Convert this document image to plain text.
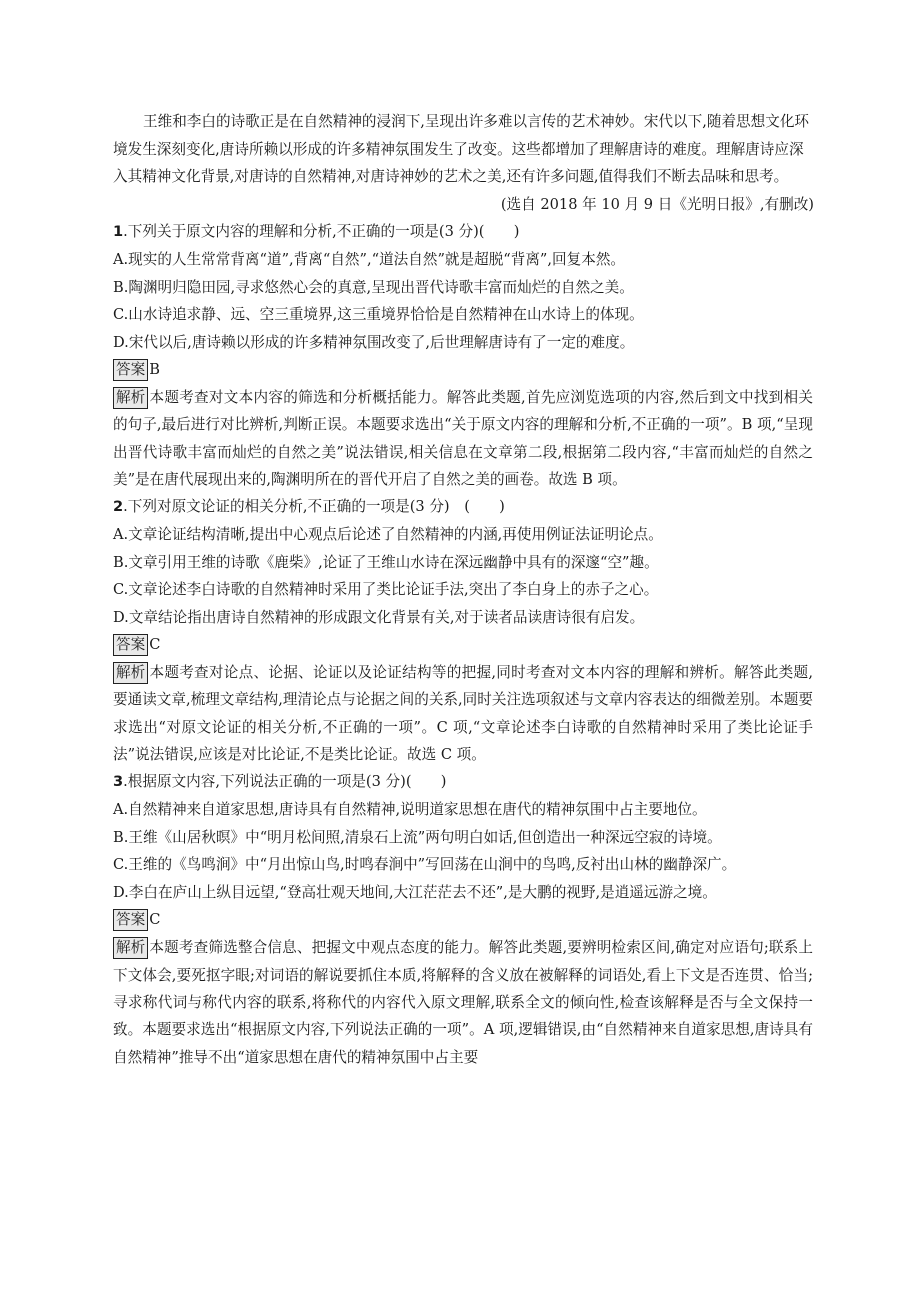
王维和李白的诗歌正是在自然精神的浸润下,呈现出许多难以言传的艺术神妙。宋代以下,随着思想文化环境发生深刻变化,唐诗所赖以形成的许多精神氛围发生了改变。这些都增加了理解唐诗的难度。理解唐诗应深入其精神文化背景,对唐诗的自然精神,对唐诗神妙的艺术之美,还有许多问题,值得我们不断去品味和思考。

(选自 2018 年 10 月 9 日《光明日报》,有删改)

1.下列关于原文内容的理解和分析,不正确的一项是(3 分)(　　)

A.现实的人生常常背离“道”,背离“自然”,“道法自然”就是超脱“背离”,回复本然。

B.陶渊明归隐田园,寻求悠然心会的真意,呈现出晋代诗歌丰富而灿烂的自然之美。

C.山水诗追求静、远、空三重境界,这三重境界恰恰是自然精神在山水诗上的体现。

D.宋代以后,唐诗赖以形成的许多精神氛围改变了,后世理解唐诗有了一定的难度。

答案 B

解析 本题考查对文本内容的筛选和分析概括能力。解答此类题,首先应浏览选项的内容,然后到文中找到相关的句子,最后进行对比辨析,判断正误。本题要求选出“关于原文内容的理解和分析,不正确的一项”。B 项,“呈现出晋代诗歌丰富而灿烂的自然之美”说法错误,相关信息在文章第二段,根据第二段内容,“丰富而灿烂的自然之美”是在唐代展现出来的,陶渊明所在的晋代开启了自然之美的画卷。故选 B 项。

2.下列对原文论证的相关分析,不正确的一项是(3 分)　(　　)

A.文章论证结构清晰,提出中心观点后论述了自然精神的内涵,再使用例证法证明论点。

B.文章引用王维的诗歌《鹿柴》,论证了王维山水诗在深远幽静中具有的深邃“空”趣。

C.文章论述李白诗歌的自然精神时采用了类比论证手法,突出了李白身上的赤子之心。

D.文章结论指出唐诗自然精神的形成跟文化背景有关,对于读者品读唐诗很有启发。

答案 C

解析 本题考查对论点、论据、论证以及论证结构等的把握,同时考查对文本内容的理解和辨析。解答此类题,要通读文章,梳理文章结构,理清论点与论据之间的关系,同时关注选项叙述与文章内容表达的细微差别。本题要求选出“对原文论证的相关分析,不正确的一项”。C 项,“文章论述李白诗歌的自然精神时采用了类比论证手法”说法错误,应该是对比论证,不是类比论证。故选 C 项。

3.根据原文内容,下列说法正确的一项是(3 分)(　　)

A.自然精神来自道家思想,唐诗具有自然精神,说明道家思想在唐代的精神氛围中占主要地位。

B.王维《山居秋暝》中“明月松间照,清泉石上流”两句明白如话,但创造出一种深远空寂的诗境。

C.王维的《鸟鸣涧》中“月出惊山鸟,时鸣春涧中”写回荡在山涧中的鸟鸣,反衬出山林的幽静深广。

D.李白在庐山上纵目远望,“登高壮观天地间,大江茫茫去不还”,是大鹏的视野,是逍遥远游之境。

答案 C

解析 本题考查筛选整合信息、把握文中观点态度的能力。解答此类题,要辨明检索区间,确定对应语句;联系上下文体会,要死抠字眼;对词语的解说要抓住本质,将解释的含义放在被解释的词语处,看上下文是否连贯、恰当;寻求称代词与称代内容的联系,将称代的内容代入原文理解,联系全文的倾向性,检查该解释是否与全文保持一致。本题要求选出“根据原文内容,下列说法正确的一项”。A 项,逻辑错误,由“自然精神来自道家思想,唐诗具有自然精神”推导不出“道家思想在唐代的精神氛围中占主要
